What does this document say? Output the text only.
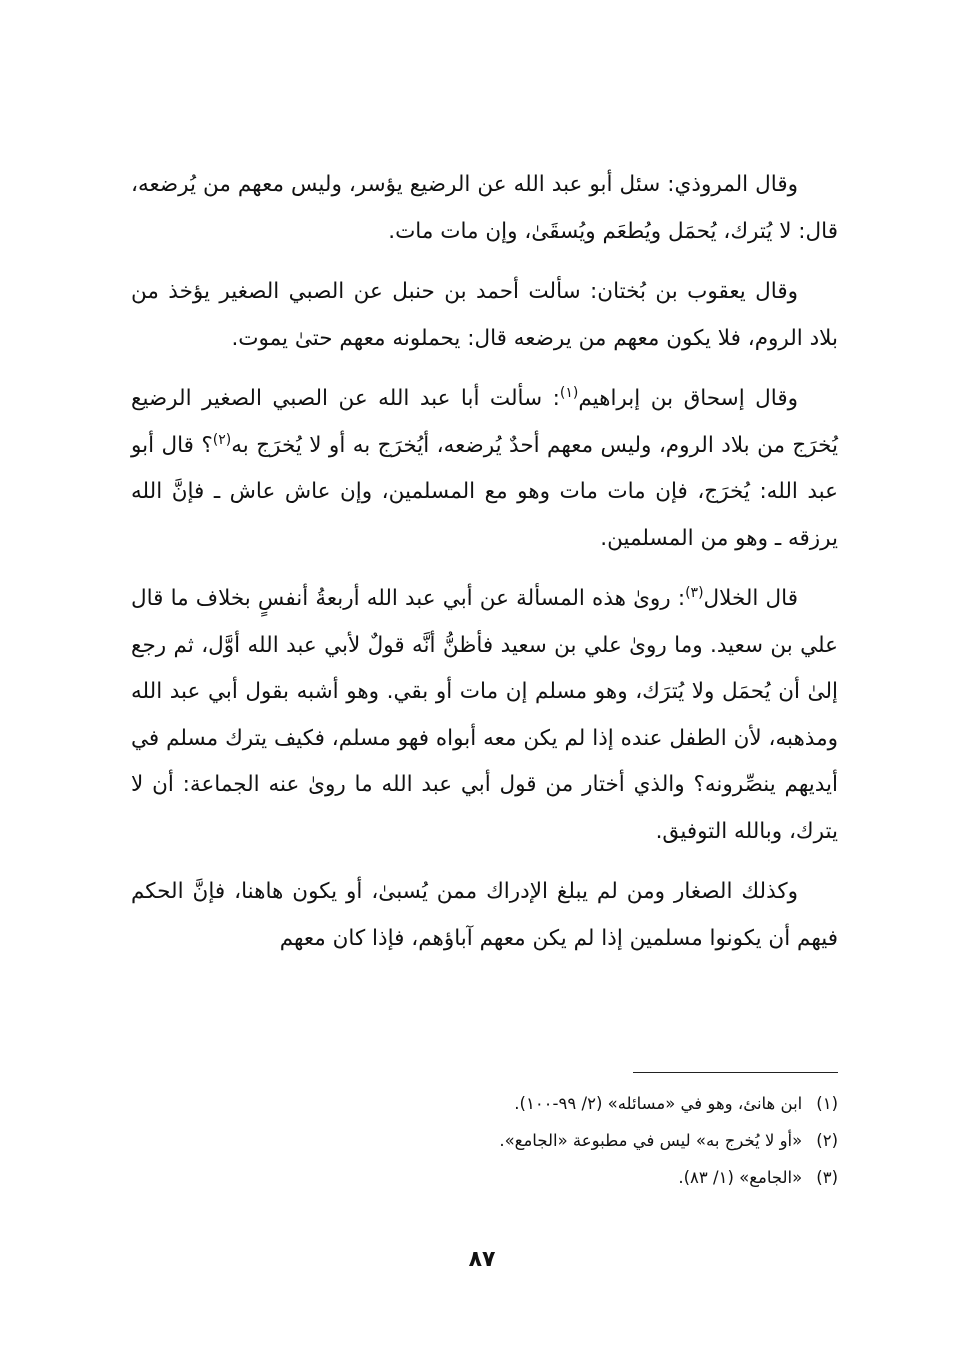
وقال المروذي: سئل أبو عبد الله عن الرضيع يؤسر، وليس معهم من يُرضعه، قال: لا يُترك، يُحمَل ويُطعَم ويُسقَىٰ، وإن مات مات.

وقال يعقوب بن بُختان: سألت أحمد بن حنبل عن الصبي الصغير يؤخذ من بلاد الروم، فلا يكون معهم من يرضعه قال: يحملونه معهم حتىٰ يموت.

وقال إسحاق بن إبراهيم$^{(١)}$: سألت أبا عبد الله عن الصبي الصغير الرضيع يُخرَج من بلاد الروم، وليس معهم أحدٌ يُرضعه، أيُخرَج به أو لا يُخرَج به$^{(٢)}$؟ قال أبو عبد الله: يُخرَج، فإن مات مات وهو مع المسلمين، وإن عاش عاش ـ فإنَّ الله يرزقه ـ وهو من المسلمين.

قال الخلال$^{(٣)}$: روىٰ هذه المسألة عن أبي عبد الله أربعةُ أنفسٍ بخلاف ما قال علي بن سعيد. وما روىٰ علي بن سعيد فأظنُّ أنَّه قولٌ لأبي عبد الله أوَّل، ثم رجع إلىٰ أن يُحمَل ولا يُترَك، وهو مسلم إن مات أو بقي. وهو أشبه بقول أبي عبد الله ومذهبه، لأن الطفل عنده إذا لم يكن معه أبواه فهو مسلم، فكيف يترك مسلم في أيديهم ينصِّرونه؟ والذي أختار من قول أبي عبد الله ما روىٰ عنه الجماعة: أن لا يترك، وبالله التوفيق.

وكذلك الصغار ومن لم يبلغ الإدراك ممن يُسبىٰ، أو يكون هاهنا، فإنَّ الحكم فيهم أن يكونوا مسلمين إذا لم يكن معهم آباؤهم، فإذا كان معهم

(١)
ابن هانئ، وهو في «مسائله» (٢/ ٩٩-١٠٠).
(٢)
«أو لا يُخرج به» ليس في مطبوعة «الجامع».
(٣)
«الجامع» (١/ ٨٣).
٨٧
